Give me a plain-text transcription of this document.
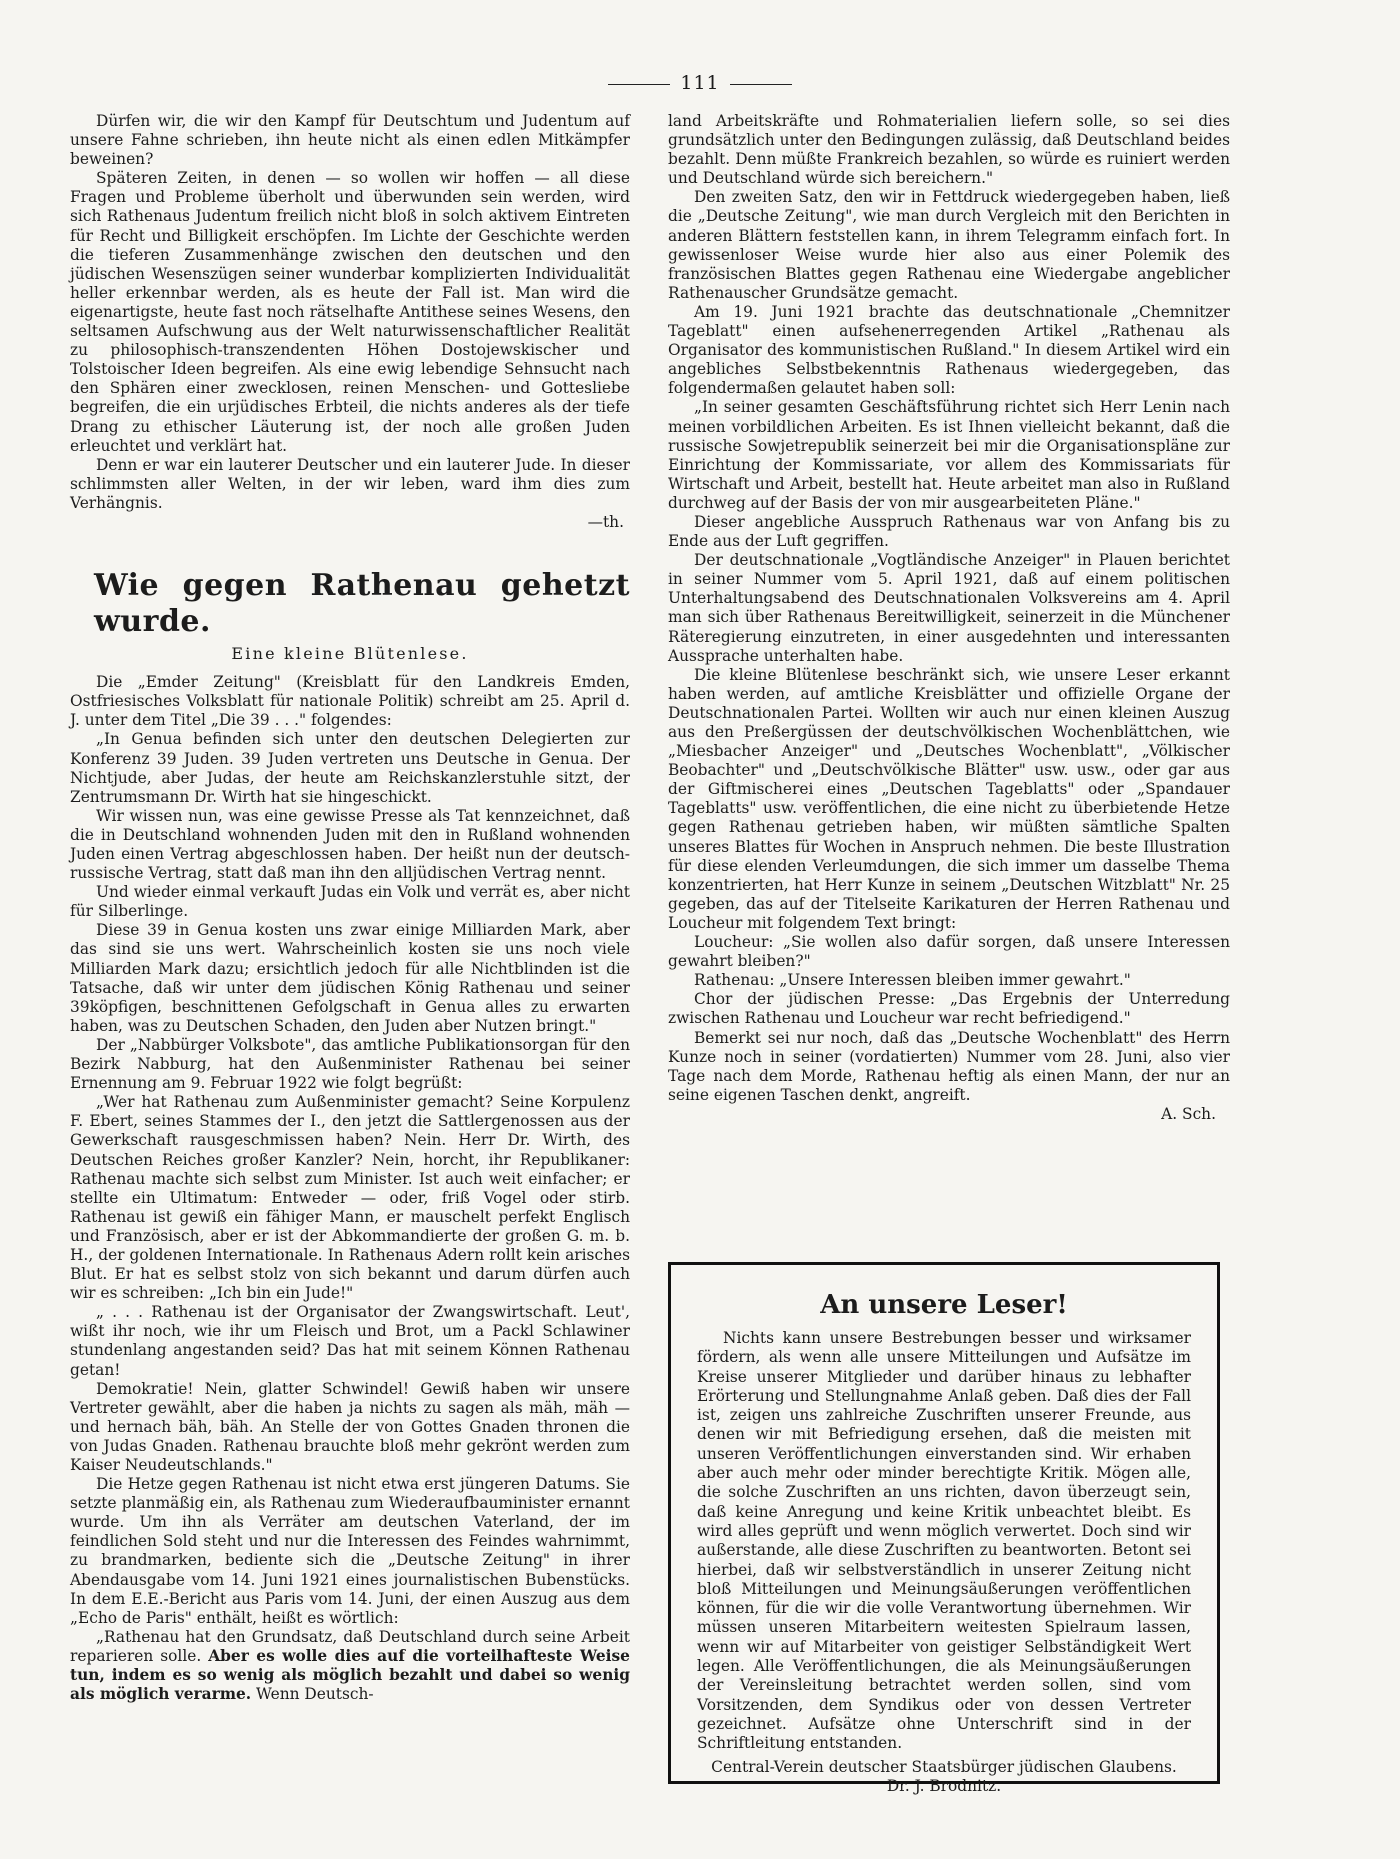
111

Dürfen wir, die wir den Kampf für Deutschtum und Judentum auf unsere Fahne schrieben, ihn heute nicht als einen edlen Mitkämpfer beweinen?

Späteren Zeiten, in denen — so wollen wir hoffen — all diese Fragen und Probleme überholt und überwunden sein werden, wird sich Rathenaus Judentum freilich nicht bloß in solch aktivem Eintreten für Recht und Billigkeit erschöpfen. Im Lichte der Geschichte werden die tieferen Zusammenhänge zwischen den deutschen und den jüdischen Wesenszügen seiner wunderbar komplizierten Individualität heller erkennbar werden, als es heute der Fall ist. Man wird die eigenartigste, heute fast noch rätselhafte Antithese seines Wesens, den seltsamen Aufschwung aus der Welt naturwissenschaftlicher Realität zu philosophisch-transzendenten Höhen Dostojewskischer und Tolstoischer Ideen begreifen. Als eine ewig lebendige Sehnsucht nach den Sphären einer zwecklosen, reinen Menschen- und Gottesliebe begreifen, die ein urjüdisches Erbteil, die nichts anderes als der tiefe Drang zu ethischer Läuterung ist, der noch alle großen Juden erleuchtet und verklärt hat.

Denn er war ein lauterer Deutscher und ein lauterer Jude. In dieser schlimmsten aller Welten, in der wir leben, ward ihm dies zum Verhängnis.

—th.

Wie gegen Rathenau gehetzt wurde.
Eine kleine Blütenlese.

Die „Emder Zeitung" (Kreisblatt für den Landkreis Emden, Ostfriesisches Volksblatt für nationale Politik) schreibt am 25. April d. J. unter dem Titel „Die 39 . . ." folgendes:

„In Genua befinden sich unter den deutschen Delegierten zur Konferenz 39 Juden. 39 Juden vertreten uns Deutsche in Genua. Der Nichtjude, aber Judas, der heute am Reichskanzlerstuhle sitzt, der Zentrumsmann Dr. Wirth hat sie hingeschickt.

Wir wissen nun, was eine gewisse Presse als Tat kennzeichnet, daß die in Deutschland wohnenden Juden mit den in Rußland wohnenden Juden einen Vertrag abgeschlossen haben. Der heißt nun der deutsch-russische Vertrag, statt daß man ihn den alljüdischen Vertrag nennt.

Und wieder einmal verkauft Judas ein Volk und verrät es, aber nicht für Silberlinge.

Diese 39 in Genua kosten uns zwar einige Milliarden Mark, aber das sind sie uns wert. Wahrscheinlich kosten sie uns noch viele Milliarden Mark dazu; ersichtlich jedoch für alle Nichtblinden ist die Tatsache, daß wir unter dem jüdischen König Rathenau und seiner 39köpfigen, beschnittenen Gefolgschaft in Genua alles zu erwarten haben, was zu Deutschen Schaden, den Juden aber Nutzen bringt."

Der „Nabbürger Volksbote", das amtliche Publikationsorgan für den Bezirk Nabburg, hat den Außenminister Rathenau bei seiner Ernennung am 9. Februar 1922 wie folgt begrüßt:

„Wer hat Rathenau zum Außenminister gemacht? Seine Korpulenz F. Ebert, seines Stammes der I., den jetzt die Sattlergenossen aus der Gewerkschaft rausgeschmissen haben? Nein. Herr Dr. Wirth, des Deutschen Reiches großer Kanzler? Nein, horcht, ihr Republikaner: Rathenau machte sich selbst zum Minister. Ist auch weit einfacher; er stellte ein Ultimatum: Entweder — oder, friß Vogel oder stirb. Rathenau ist gewiß ein fähiger Mann, er mauschelt perfekt Englisch und Französisch, aber er ist der Abkommandierte der großen G. m. b. H., der goldenen Internationale. In Rathenaus Adern rollt kein arisches Blut. Er hat es selbst stolz von sich bekannt und darum dürfen auch wir es schreiben: „Ich bin ein Jude!"

„ . . . Rathenau ist der Organisator der Zwangswirtschaft. Leut', wißt ihr noch, wie ihr um Fleisch und Brot, um a Packl Schlawiner stundenlang angestanden seid? Das hat mit seinem Können Rathenau getan!

Demokratie! Nein, glatter Schwindel! Gewiß haben wir unsere Vertreter gewählt, aber die haben ja nichts zu sagen als mäh, mäh — und hernach bäh, bäh. An Stelle der von Gottes Gnaden thronen die von Judas Gnaden. Rathenau brauchte bloß mehr gekrönt werden zum Kaiser Neudeutschlands."

Die Hetze gegen Rathenau ist nicht etwa erst jüngeren Datums. Sie setzte planmäßig ein, als Rathenau zum Wiederaufbauminister ernannt wurde. Um ihn als Verräter am deutschen Vaterland, der im feindlichen Sold steht und nur die Interessen des Feindes wahrnimmt, zu brandmarken, bediente sich die „Deutsche Zeitung" in ihrer Abendausgabe vom 14. Juni 1921 eines journalistischen Bubenstücks. In dem E.E.-Bericht aus Paris vom 14. Juni, der einen Auszug aus dem „Echo de Paris" enthält, heißt es wörtlich:

„Rathenau hat den Grundsatz, daß Deutschland durch seine Arbeit reparieren solle. Aber es wolle dies auf die vorteilhafteste Weise tun, indem es so wenig als möglich bezahlt und dabei so wenig als möglich verarme. Wenn Deutsch-

land Arbeitskräfte und Rohmaterialien liefern solle, so sei dies grundsätzlich unter den Bedingungen zulässig, daß Deutschland beides bezahlt. Denn müßte Frankreich bezahlen, so würde es ruiniert werden und Deutschland würde sich bereichern."

Den zweiten Satz, den wir in Fettdruck wiedergegeben haben, ließ die „Deutsche Zeitung", wie man durch Vergleich mit den Berichten in anderen Blättern feststellen kann, in ihrem Telegramm einfach fort. In gewissenloser Weise wurde hier also aus einer Polemik des französischen Blattes gegen Rathenau eine Wiedergabe angeblicher Rathenauscher Grundsätze gemacht.

Am 19. Juni 1921 brachte das deutschnationale „Chemnitzer Tageblatt" einen aufsehenerregenden Artikel „Rathenau als Organisator des kommunistischen Rußland." In diesem Artikel wird ein angebliches Selbstbekenntnis Rathenaus wiedergegeben, das folgendermaßen gelautet haben soll:

„In seiner gesamten Geschäftsführung richtet sich Herr Lenin nach meinen vorbildlichen Arbeiten. Es ist Ihnen vielleicht bekannt, daß die russische Sowjetrepublik seinerzeit bei mir die Organisationspläne zur Einrichtung der Kommissariate, vor allem des Kommissariats für Wirtschaft und Arbeit, bestellt hat. Heute arbeitet man also in Rußland durchweg auf der Basis der von mir ausgearbeiteten Pläne."

Dieser angebliche Ausspruch Rathenaus war von Anfang bis zu Ende aus der Luft gegriffen.

Der deutschnationale „Vogtländische Anzeiger" in Plauen berichtet in seiner Nummer vom 5. April 1921, daß auf einem politischen Unterhaltungsabend des Deutschnationalen Volksvereins am 4. April man sich über Rathenaus Bereitwilligkeit, seinerzeit in die Münchener Räteregierung einzutreten, in einer ausgedehnten und interessanten Aussprache unterhalten habe.

Die kleine Blütenlese beschränkt sich, wie unsere Leser erkannt haben werden, auf amtliche Kreisblätter und offizielle Organe der Deutschnationalen Partei. Wollten wir auch nur einen kleinen Auszug aus den Preßergüssen der deutschvölkischen Wochenblättchen, wie „Miesbacher Anzeiger" und „Deutsches Wochenblatt", „Völkischer Beobachter" und „Deutschvölkische Blätter" usw. usw., oder gar aus der Giftmischerei eines „Deutschen Tageblatts" oder „Spandauer Tageblatts" usw. veröffentlichen, die eine nicht zu überbietende Hetze gegen Rathenau getrieben haben, wir müßten sämtliche Spalten unseres Blattes für Wochen in Anspruch nehmen. Die beste Illustration für diese elenden Verleumdungen, die sich immer um dasselbe Thema konzentrierten, hat Herr Kunze in seinem „Deutschen Witzblatt" Nr. 25 gegeben, das auf der Titelseite Karikaturen der Herren Rathenau und Loucheur mit folgendem Text bringt:

Loucheur: „Sie wollen also dafür sorgen, daß unsere Interessen gewahrt bleiben?"

Rathenau: „Unsere Interessen bleiben immer gewahrt."

Chor der jüdischen Presse: „Das Ergebnis der Unterredung zwischen Rathenau und Loucheur war recht befriedigend."

Bemerkt sei nur noch, daß das „Deutsche Wochenblatt" des Herrn Kunze noch in seiner (vordatierten) Nummer vom 28. Juni, also vier Tage nach dem Morde, Rathenau heftig als einen Mann, der nur an seine eigenen Taschen denkt, angreift.

A. Sch.

An unsere Leser!

Nichts kann unsere Bestrebungen besser und wirksamer fördern, als wenn alle unsere Mitteilungen und Aufsätze im Kreise unserer Mitglieder und darüber hinaus zu lebhafter Erörterung und Stellungnahme Anlaß geben. Daß dies der Fall ist, zeigen uns zahlreiche Zuschriften unserer Freunde, aus denen wir mit Befriedigung ersehen, daß die meisten mit unseren Veröffentlichungen einverstanden sind. Wir erhaben aber auch mehr oder minder berechtigte Kritik. Mögen alle, die solche Zuschriften an uns richten, davon überzeugt sein, daß keine Anregung und keine Kritik unbeachtet bleibt. Es wird alles geprüft und wenn möglich verwertet. Doch sind wir außerstande, alle diese Zuschriften zu beantworten. Betont sei hierbei, daß wir selbstverständlich in unserer Zeitung nicht bloß Mitteilungen und Meinungsäußerungen veröffentlichen können, für die wir die volle Verantwortung übernehmen. Wir müssen unseren Mitarbeitern weitesten Spielraum lassen, wenn wir auf Mitarbeiter von geistiger Selbständigkeit Wert legen. Alle Veröffentlichungen, die als Meinungsäußerungen der Vereinsleitung betrachtet werden sollen, sind vom Vorsitzenden, dem Syndikus oder von dessen Vertreter gezeichnet. Aufsätze ohne Unterschrift sind in der Schriftleitung entstanden.

Central-Verein deutscher Staatsbürger jüdischen Glaubens.

Dr. J. Brodnitz.
